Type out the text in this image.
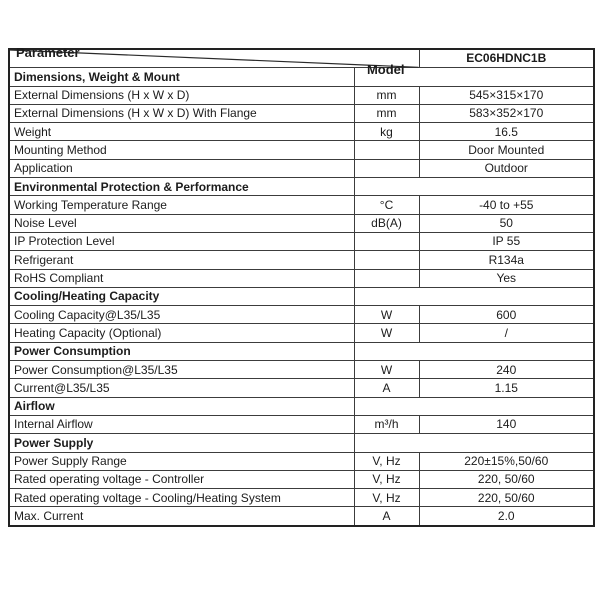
Parameter
Model		EC06HDNC1B
Dimensions, Weight & Mount		
External Dimensions (H x W x D)	mm	545×315×170
External Dimensions (H x W x D) With Flange	mm	583×352×170
Weight	kg	16.5
Mounting Method		Door Mounted
Application		Outdoor
Environmental Protection & Performance		
Working Temperature Range	°C	-40 to +55
Noise Level	dB(A)	50
IP Protection Level		IP 55
Refrigerant		R134a
RoHS Compliant		Yes
Cooling/Heating Capacity		
Cooling Capacity@L35/L35	W	600
Heating Capacity (Optional)	W	/
Power Consumption		
Power Consumption@L35/L35	W	240
Current@L35/L35	A	1.15
Airflow		
Internal Airflow	m³/h	140
Power Supply		
Power Supply Range	V, Hz	220±15%,50/60
Rated operating voltage - Controller	V, Hz	220, 50/60
Rated operating voltage - Cooling/Heating System	V, Hz	220, 50/60
Max. Current	A	2.0
